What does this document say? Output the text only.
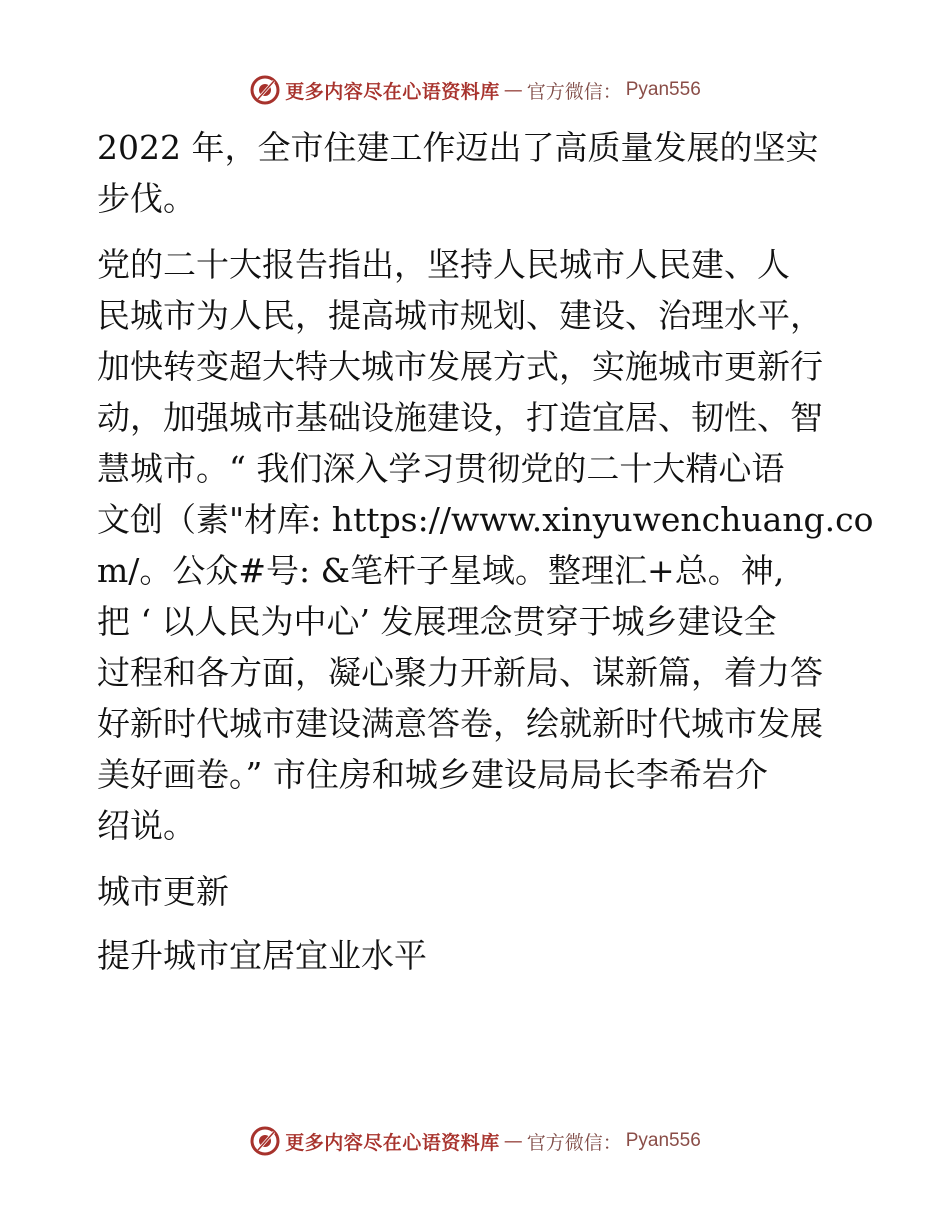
更多内容尽在心语资料库 — 官方微信： Pyan556

2022 年，全市住建工作迈出了高质量发展的坚实

步伐。

党的二十大报告指出，坚持人民城市人民建、人

民城市为人民，提高城市规划、建设、治理水平，

加快转变超大特大城市发展方式，实施城市更新行

动，加强城市基础设施建设，打造宜居、韧性、智

慧城市。“ 我们深入学习贯彻党的二十大精心语

文创（素"材库: https://www.xinyuwenchuang.co

m/。公众#号: &笔杆子星域。整理汇+总。神,

把 ‘ 以人民为中心’ 发展理念贯穿于城乡建设全

过程和各方面，凝心聚力开新局、谋新篇，着力答

好新时代城市建设满意答卷，绘就新时代城市发展

美好画卷。” 市住房和城乡建设局局长李希岩介

绍说。

城市更新

提升城市宜居宜业水平

更多内容尽在心语资料库 — 官方微信： Pyan556
